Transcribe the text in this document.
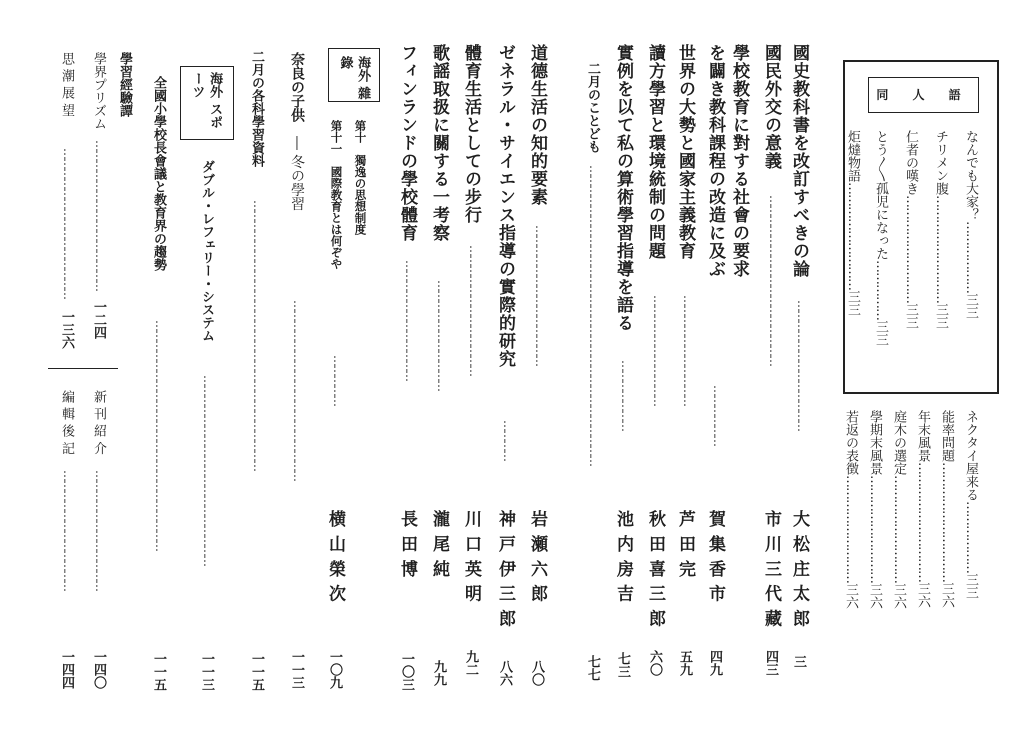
同 人 語
なんでも大家？………………三三
チリメン腹………………………三三
仁者の嘆き………………………三三
とう〱孤児になった……………三三
炬燵物語………………………三三
ネクタイ屋来る………………三三
能率問題…………………………三六
年末風景…………………………三六
庭木の選定………………………三六
學期末風景………………………三六
若返の表徴………………………三六
國史教科書を改訂すべきの論
…………………………………
大 松 庄 太 郎
三
國民外交の意義
……………………………………………
市 川 三 代 藏
四三
學校教育に對する社會の要求
を闢き教科課程の改造に及ぶ
………………
賀 集 香 市
四九
世界の大勢と國家主義教育
……………………………
芦 田 完
五九
讀方學習と環境統制の問題
……………………………
秋 田 喜 三 郎
六〇
實例を以て私の算術學習指導を語る
…………………
池 内 房 吉
七三
二月のことども
………………………………………………………………………………
七七
道德生活の知的要素
……………………………………
岩 瀬 六 郎
八〇
ゼネラル・サイエンス指導の實際的研究
…………
神 戸 伊 三 郎
八六
體育生活としての步行
…………………………………
川 口 英 明
九二
歌謡取扱に關する一考察
……………………………
瀧 尾 純
九九
フィンランドの學校體育
………………………………
長 田 博
一〇三
海外 雜錄
第十　獨逸の思想制度
第十一　國際教育とは何ぞや
……………
横 山 榮 次
一〇九
奈良の子供　― 冬の學習
………………………………………………
一一三
二月の各科學習資料
………………………………………………………………………
一一五
海外 スポーツ
ダブル・レフェリー・システム
…………………………………………………
一一三
全國小學校長會議と教育界の趨勢
……………………………………………………………
一一五
學習經驗譚
學界プリズム
………………………………………
一二四
思 潮 展 望
………………………………………
一三六
新 刊 紹 介
………………………………
一四〇
編 輯 後 記
………………………………
一四四
